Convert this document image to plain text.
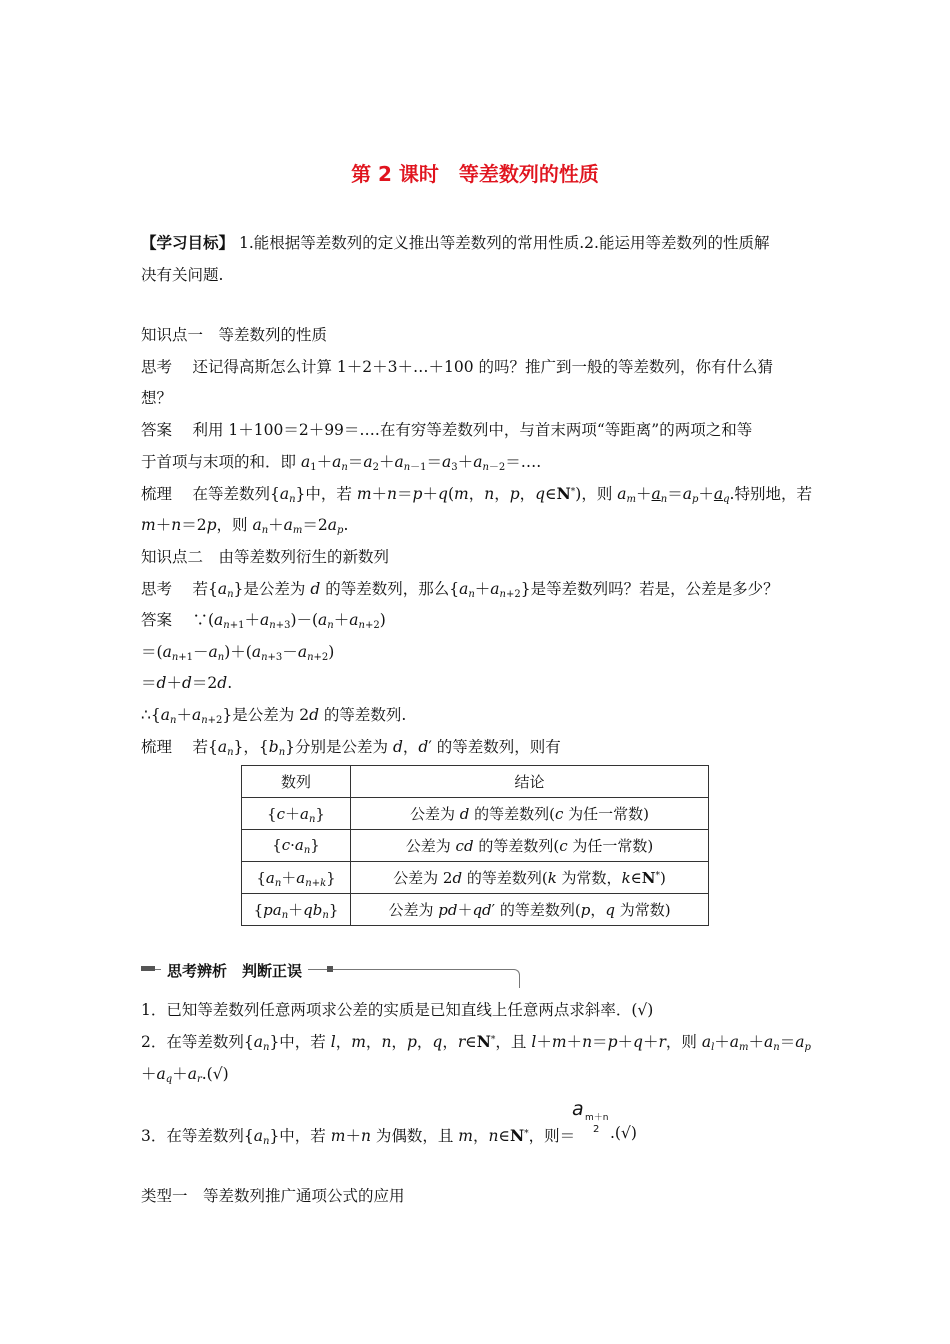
第 2 课时　等差数列的性质
【学习目标】 1.能根据等差数列的定义推出等差数列的常用性质.2.能运用等差数列的性质解
决有关问题.
知识点一　等差数列的性质
思考　 还记得高斯怎么计算 1＋2＋3＋…＋100 的吗？推广到一般的等差数列，你有什么猜
想？
答案　 利用 1＋100＝2＋99＝….在有穷等差数列中，与首末两项“等距离”的两项之和等
于首项与末项的和．即 $a_1+a_n=a_2+a_{n-1}=a_3+a_{n-2}=\dots$.
梳理　 在等差数列$\{a_n\}$中，若 m＋n＝p＋q(m，n，p，q∈N*)，则 $a_m+a_n=a_p+a_q$.特别地，若
m＋n＝2p，则 $a_n+a_m=2a_p$.
知识点二　由等差数列衍生的新数列
思考　 若$\{a_n\}$是公差为 d 的等差数列，那么$\{a_n+a_{n+2}\}$是等差数列吗？若是，公差是多少？
答案　 $\because(a_{n+1}+a_{n+3})-(a_n+a_{n+2})$
$=(a_{n+1}-a_n)+(a_{n+3}-a_{n+2})$
＝d＋d＝2d.
$\therefore\{a_n+a_{n+2}\}$是公差为 2d 的等差数列.
梳理　 若$\{a_n\}$，$\{b_n\}$分别是公差为 d，d′ 的等差数列，则有
数列	结论
$\{c+a_n\}$	公差为 d 的等差数列(c 为任一常数)
$\{c\cdot a_n\}$	公差为 cd 的等差数列(c 为任一常数)
$\{a_n+a_{n+k}\}$	公差为 2d 的等差数列(k 为常数，k∈N*)
$\{pa_n+qb_n\}$	公差为 pd＋qd′ 的等差数列(p，q 为常数)
思考辨析　判断正误
1．已知等差数列任意两项求公差的实质是已知直线上任意两点求斜率．(√)
2．在等差数列$\{a_n\}$中，若 l，m，n，p，q，r∈N*，且 l＋m＋n＝p＋q＋r，则 $a_l+a_m+a_n=a_p$
$+a_q+a_r.(√)$
3．在等差数列$\{a_n\}$中，若 m＋n 为偶数，且 m，n∈N*，则＝
a m＋n
2 .(√)
类型一　等差数列推广通项公式的应用
